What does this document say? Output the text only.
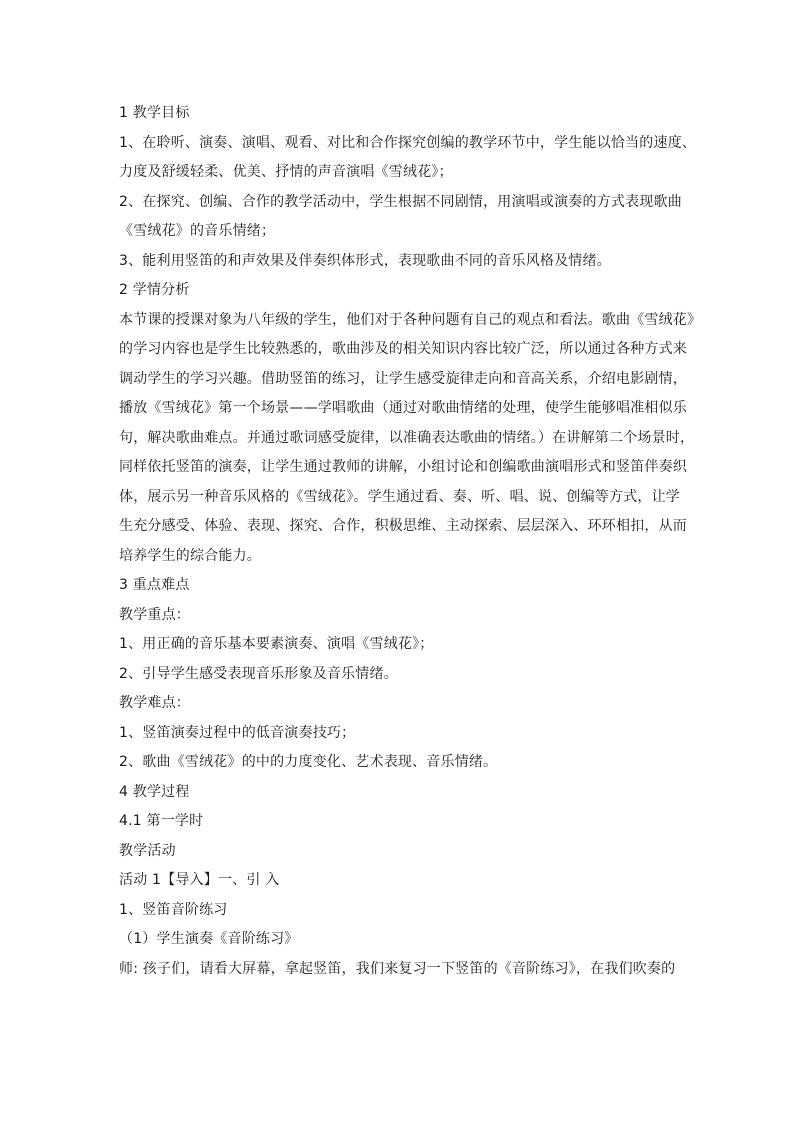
1 教学目标
1、在聆听、演奏、演唱、观看、对比和合作探究创编的教学环节中，学生能以恰当的速度、
力度及舒缓轻柔、优美、抒情的声音演唱《雪绒花》；
2、在探究、创编、合作的教学活动中，学生根据不同剧情，用演唱或演奏的方式表现歌曲
《雪绒花》的音乐情绪；
3、能利用竖笛的和声效果及伴奏织体形式，表现歌曲不同的音乐风格及情绪。
2 学情分析
本节课的授课对象为八年级的学生，他们对于各种问题有自己的观点和看法。歌曲《雪绒花》
的学习内容也是学生比较熟悉的，歌曲涉及的相关知识内容比较广泛，所以通过各种方式来
调动学生的学习兴趣。借助竖笛的练习，让学生感受旋律走向和音高关系，介绍电影剧情，
播放《雪绒花》第一个场景——学唱歌曲（通过对歌曲情绪的处理，使学生能够唱准相似乐
句，解决歌曲难点。并通过歌词感受旋律，以准确表达歌曲的情绪。）在讲解第二个场景时，
同样依托竖笛的演奏，让学生通过教师的讲解，小组讨论和创编歌曲演唱形式和竖笛伴奏织
体，展示另一种音乐风格的《雪绒花》。学生通过看、奏、听、唱、说、创编等方式，让学
生充分感受、体验、表现、探究、合作，积极思维、主动探索、层层深入、环环相扣，从而
培养学生的综合能力。
3 重点难点
教学重点：
1、用正确的音乐基本要素演奏、演唱《雪绒花》；
2、引导学生感受表现音乐形象及音乐情绪。
教学难点：
1、竖笛演奏过程中的低音演奏技巧；
2、歌曲《雪绒花》的中的力度变化、艺术表现、音乐情绪。
4 教学过程
4.1 第一学时
教学活动
活动 1【导入】一、引 入
1、竖笛音阶练习
（1）学生演奏《音阶练习》
师: 孩子们，请看大屏幕，拿起竖笛，我们来复习一下竖笛的《音阶练习》，在我们吹奏的
